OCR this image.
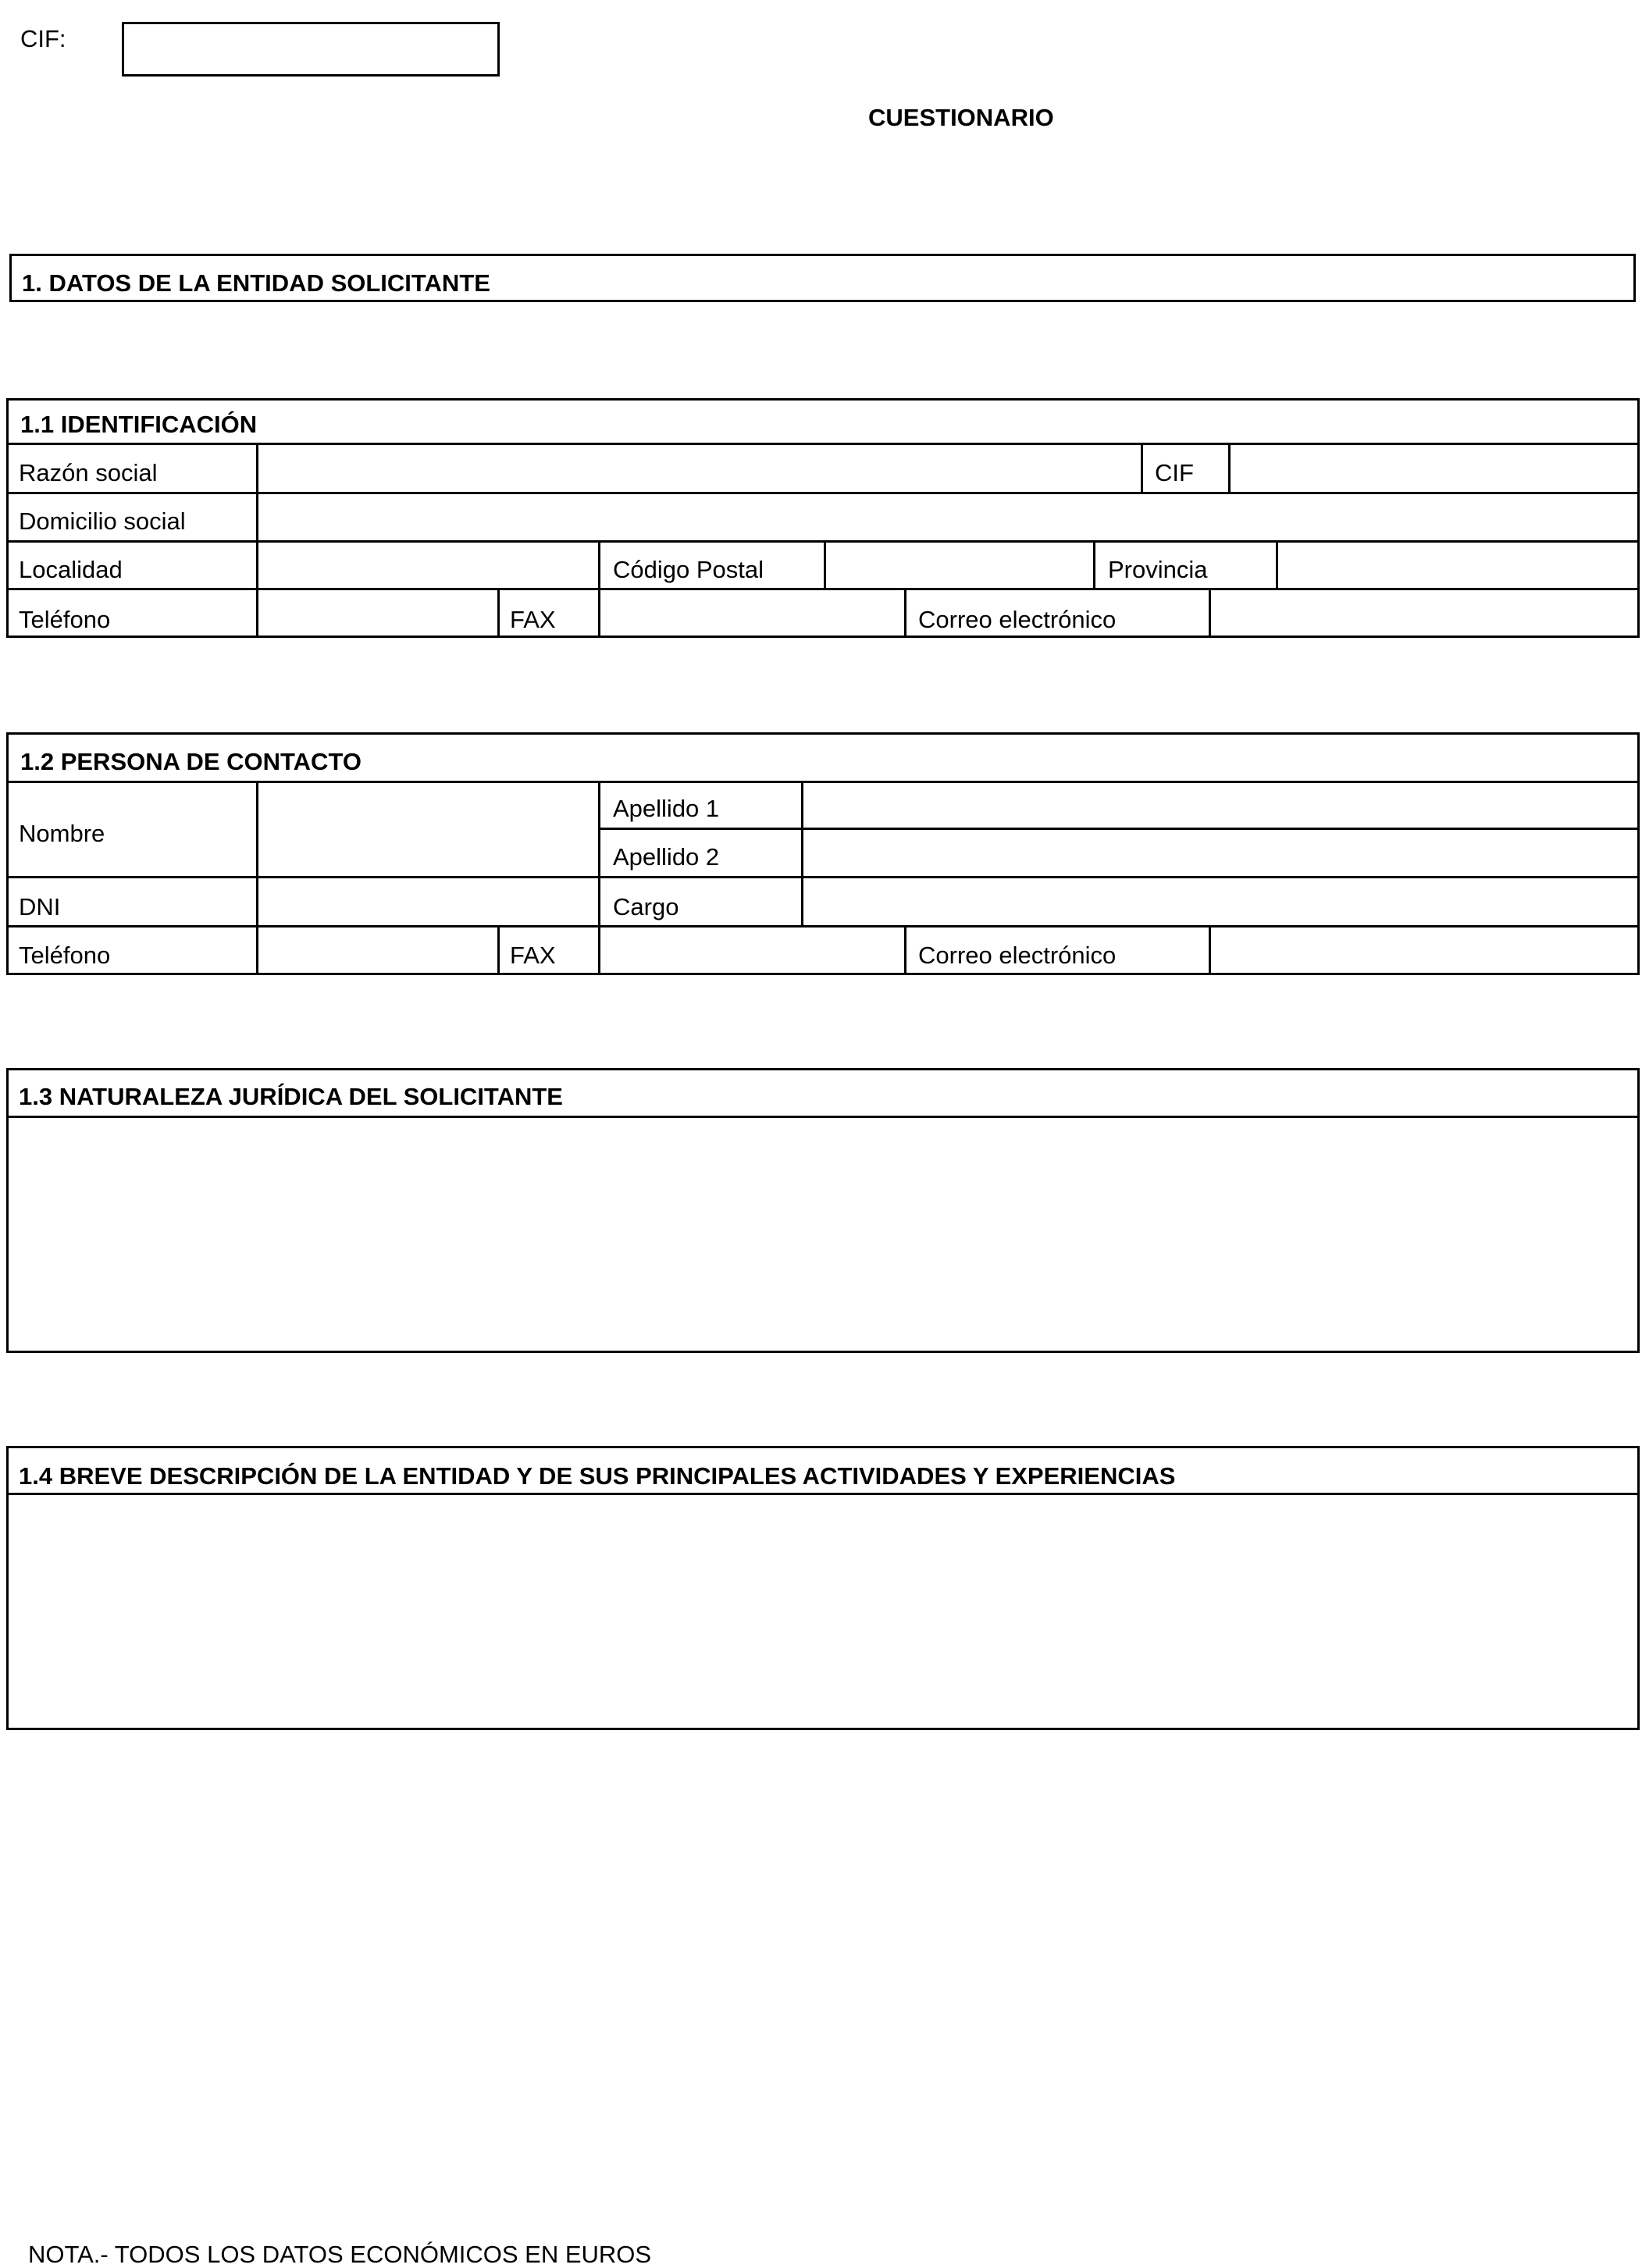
CIF:
CUESTIONARIO
1. DATOS DE LA ENTIDAD SOLICITANTE
1.1 IDENTIFICACIÓN
Razón social	CIF
Domicilio social
Localidad	Código Postal	Provincia
Teléfono	FAX	Correo electrónico
1.2 PERSONA DE CONTACTO
Nombre
Apellido 1
Apellido 2
DNI	Cargo
Teléfono	FAX	Correo electrónico
1.3 NATURALEZA JURÍDICA DEL SOLICITANTE
1.4 BREVE DESCRIPCIÓN DE LA ENTIDAD Y DE SUS PRINCIPALES ACTIVIDADES Y EXPERIENCIAS
NOTA.- TODOS LOS DATOS ECONÓMICOS EN EUROS
